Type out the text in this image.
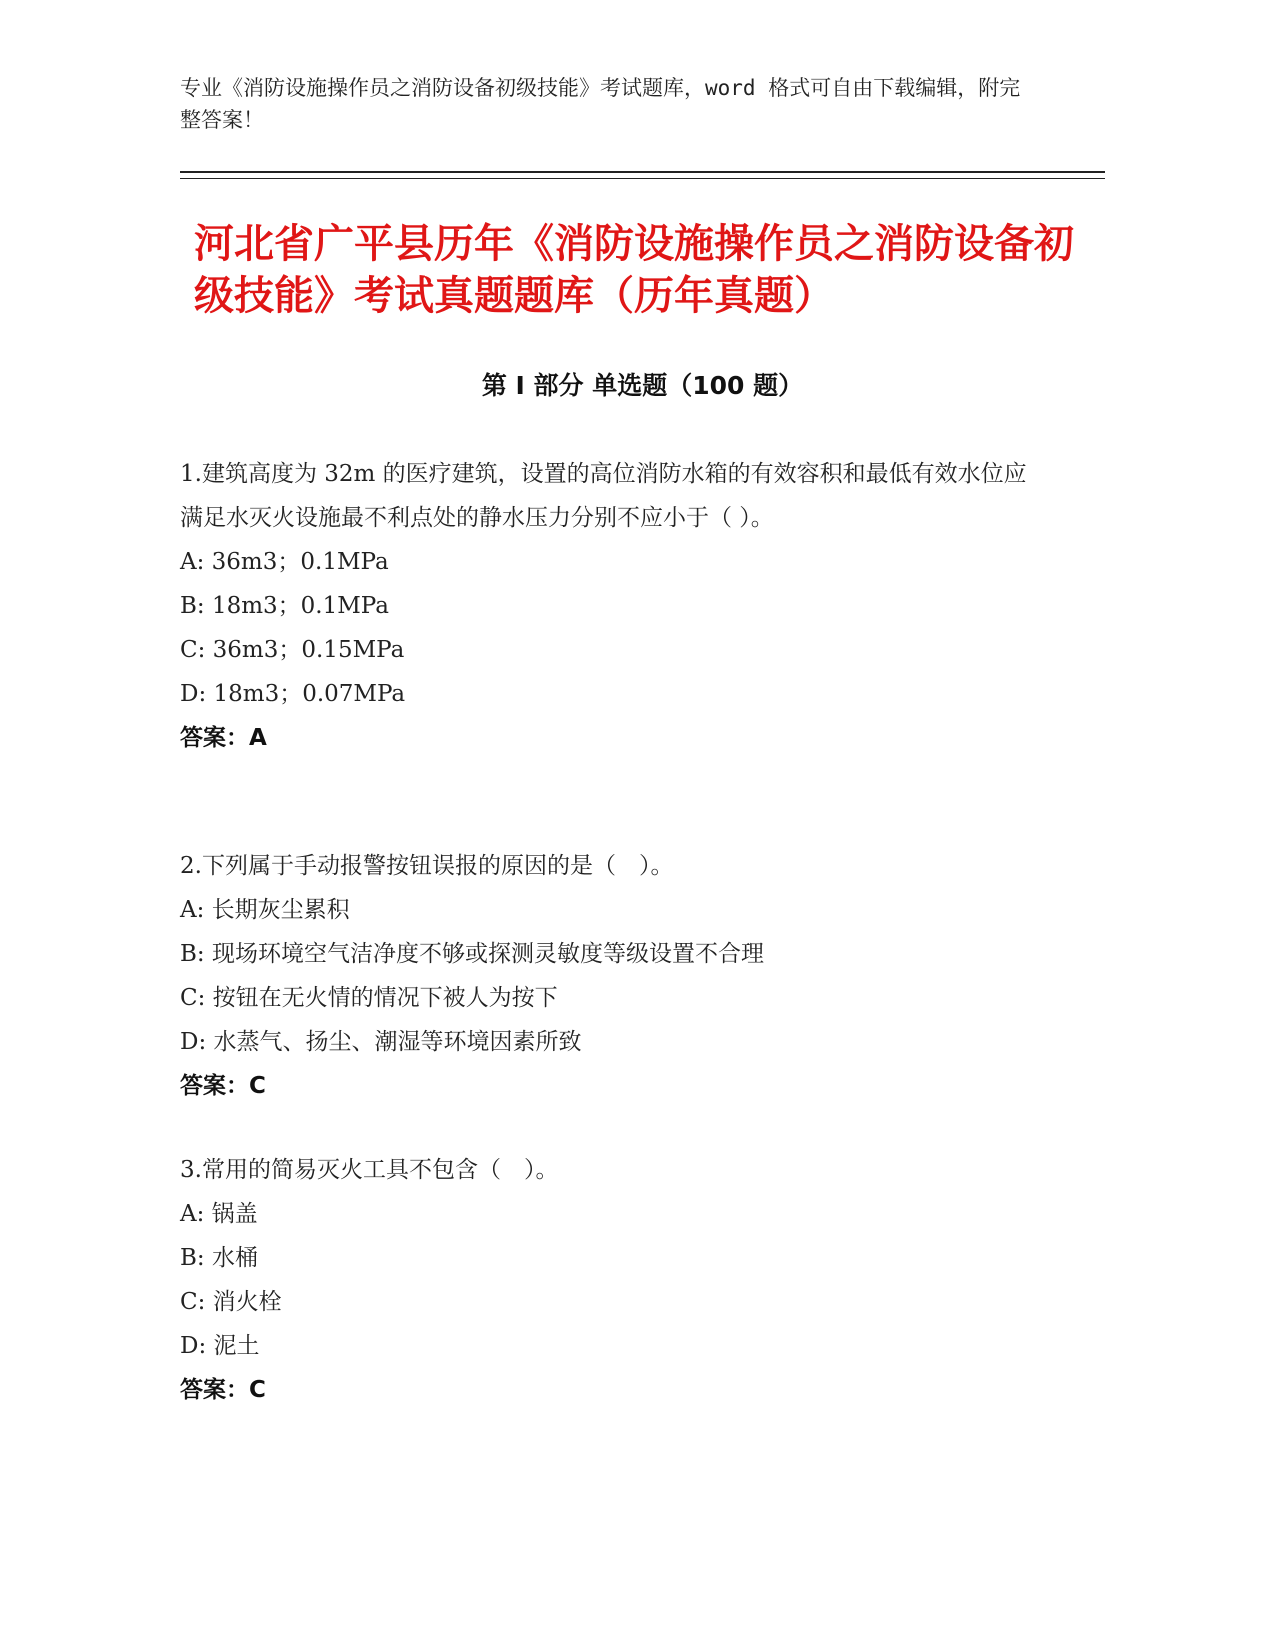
专业《消防设施操作员之消防设备初级技能》考试题库，word 格式可自由下载编辑，附完整答案！
河北省广平县历年《消防设施操作员之消防设备初级技能》考试真题题库（历年真题）
第 I 部分 单选题（100 题）

1.建筑高度为 32m 的医疗建筑，设置的高位消防水箱的有效容积和最低有效水位应满足水灭火设施最不利点处的静水压力分别不应小于（ ）。

A: 36m3；0.1MPa

B: 18m3；0.1MPa

C: 36m3；0.15MPa

D: 18m3；0.07MPa

答案：A

2.下列属于手动报警按钮误报的原因的是（　）。

A: 长期灰尘累积

B: 现场环境空气洁净度不够或探测灵敏度等级设置不合理

C: 按钮在无火情的情况下被人为按下

D: 水蒸气、扬尘、潮湿等环境因素所致

答案：C

3.常用的简易灭火工具不包含（　）。

A: 锅盖

B: 水桶

C: 消火栓

D: 泥土

答案：C
